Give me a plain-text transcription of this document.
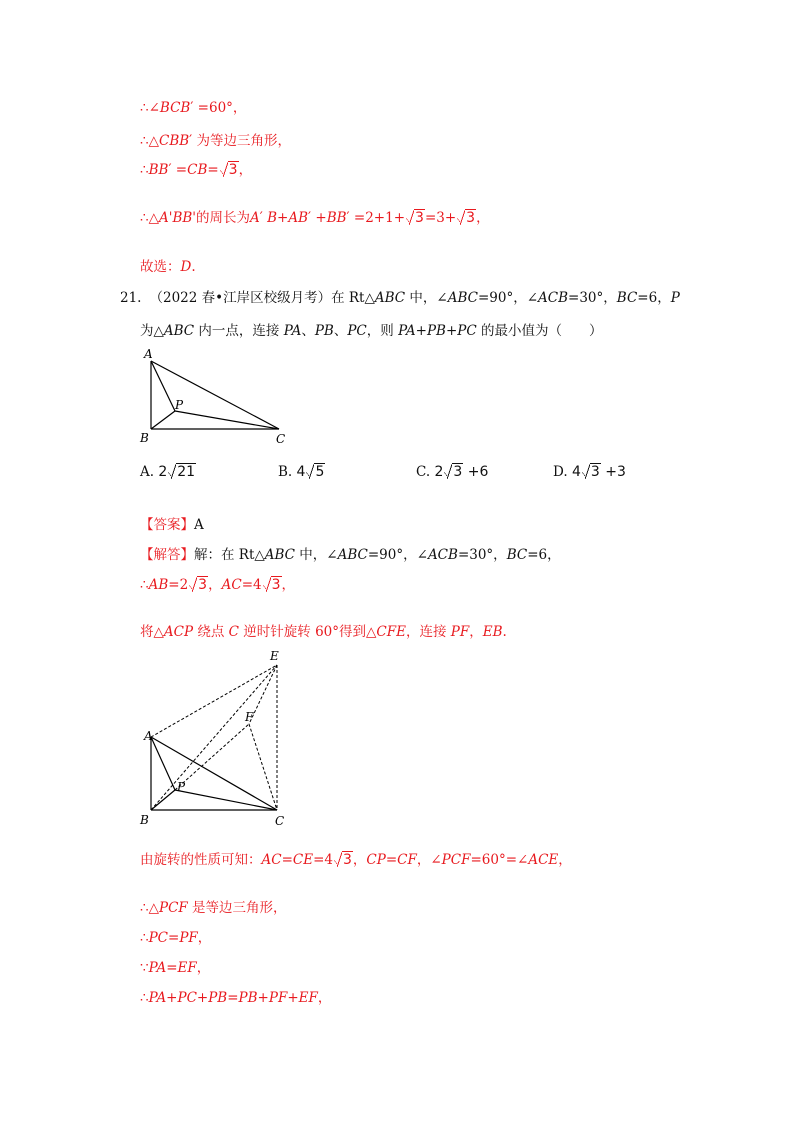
∴∠BCB′ =60°，
∴△CBB′ 为等边三角形，
∴BB′ =CB= 3，
∴△A'BB'的周长为A′ B+AB′ +BB′ =2+1+ 3=3+ 3，
故选：D.
21. （2022 春•江岸区校级月考）在 Rt△ABC 中，∠ABC=90°，∠ACB=30°，BC=6，P
为△ABC 内一点，连接 PA、PB、PC，则 PA+PB+PC 的最小值为（　　）
A
B	C
P
A. 2 21	B. 4 5	C. 2 3 +6	D. 4 3 +3
【答案】A
【解答】解：在 Rt△ABC 中，∠ABC=90°，∠ACB=30°，BC=6，
∴AB=2 3，AC=4 3，
将△ACP 绕点 C 逆时针旋转 60°得到△CFE，连接 PF，EB.
E
F
A
P
B	C
由旋转的性质可知：AC=CE=4 3，CP=CF，∠PCF=60°=∠ACE，
∴△PCF 是等边三角形，
∴PC=PF，
∵PA=EF，
∴PA+PC+PB=PB+PF+EF，
